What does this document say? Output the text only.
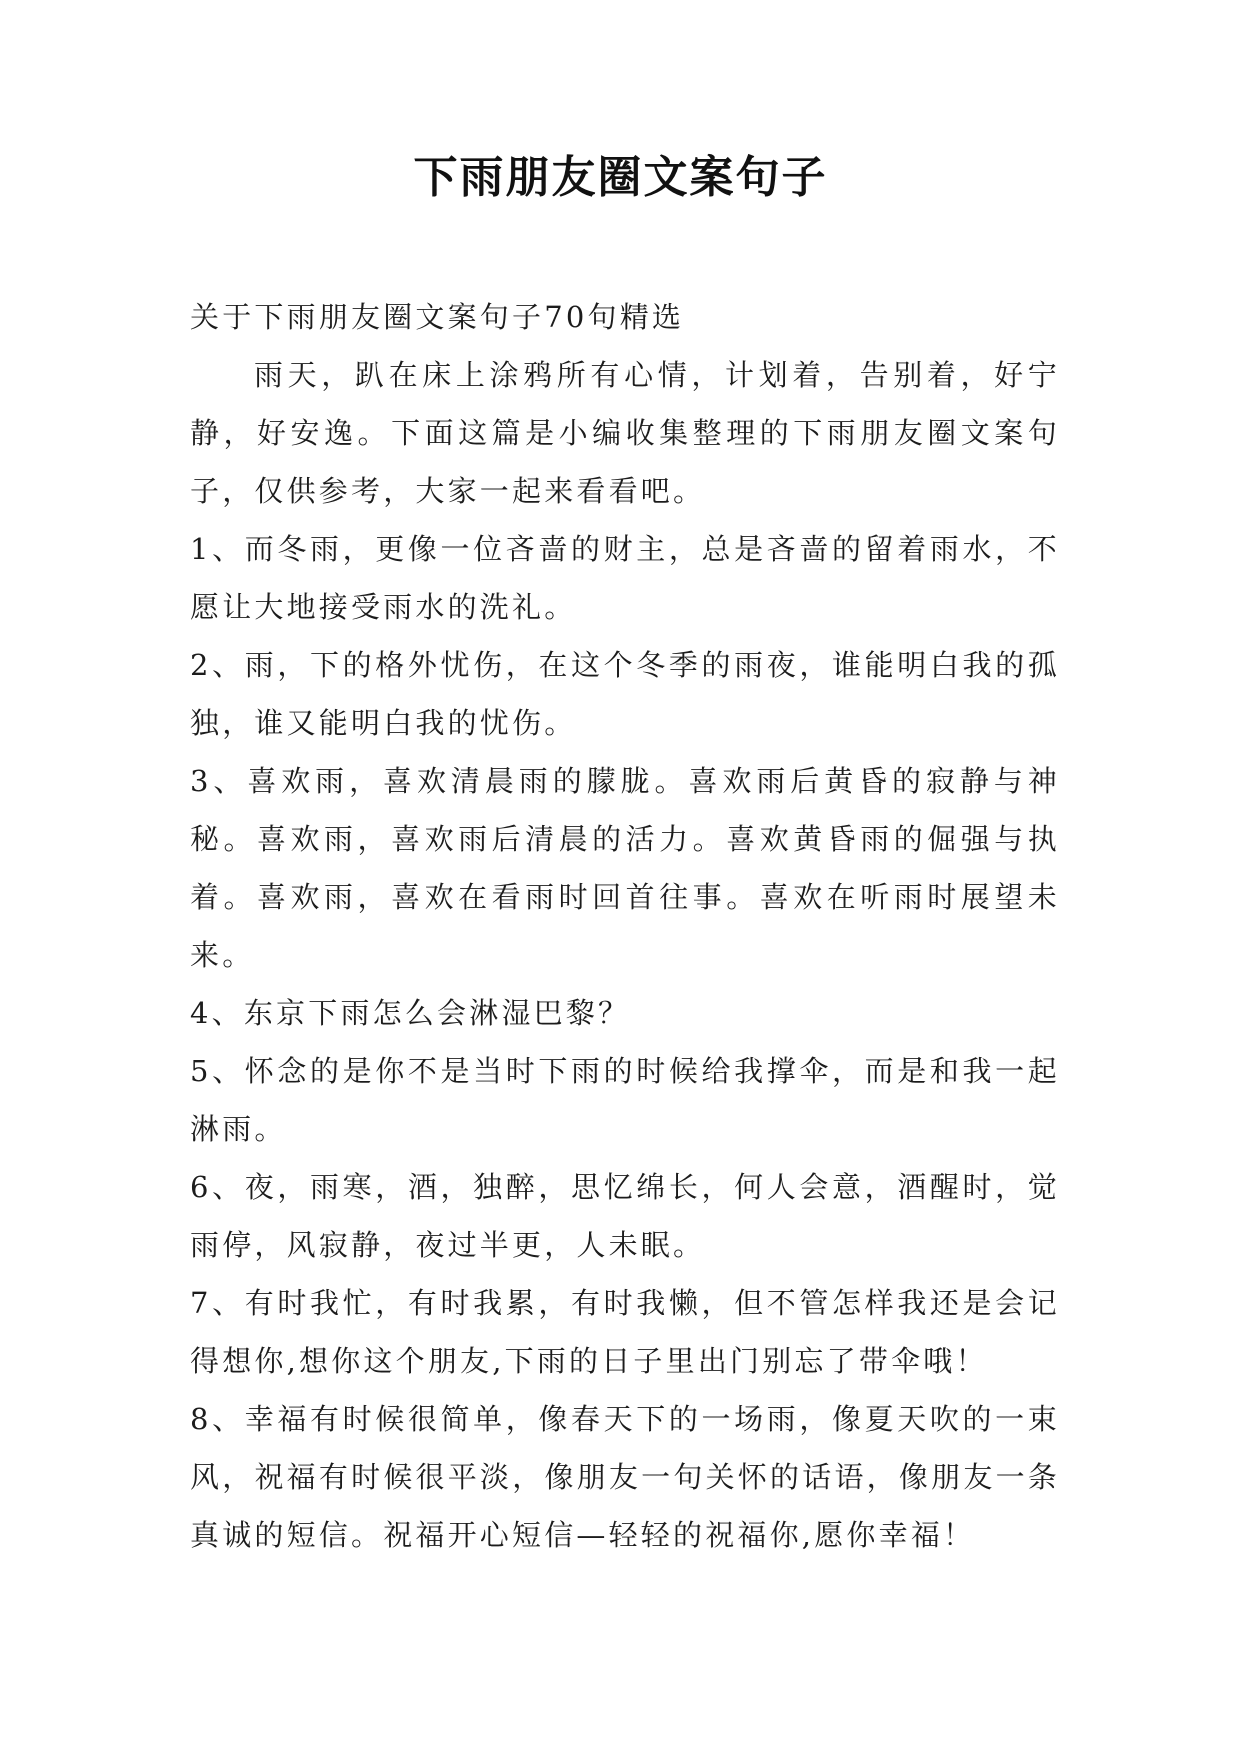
下雨朋友圈文案句子

关于下雨朋友圈文案句子70句精选

雨天，趴在床上涂鸦所有心情，计划着，告别着，好宁静，好安逸。下面这篇是小编收集整理的下雨朋友圈文案句子，仅供参考，大家一起来看看吧。

1、而冬雨，更像一位吝啬的财主，总是吝啬的留着雨水，不愿让大地接受雨水的洗礼。

2、雨，下的格外忧伤，在这个冬季的雨夜，谁能明白我的孤独，谁又能明白我的忧伤。

3、喜欢雨，喜欢清晨雨的朦胧。喜欢雨后黄昏的寂静与神秘。喜欢雨，喜欢雨后清晨的活力。喜欢黄昏雨的倔强与执着。喜欢雨，喜欢在看雨时回首往事。喜欢在听雨时展望未来。

4、东京下雨怎么会淋湿巴黎？

5、怀念的是你不是当时下雨的时候给我撑伞，而是和我一起淋雨。

6、夜，雨寒，酒，独醉，思忆绵长，何人会意，酒醒时，觉雨停，风寂静，夜过半更，人未眠。

7、有时我忙，有时我累，有时我懒，但不管怎样我还是会记得想你,想你这个朋友,下雨的日子里出门别忘了带伞哦！

8、幸福有时候很简单，像春天下的一场雨，像夏天吹的一束风，祝福有时候很平淡，像朋友一句关怀的话语，像朋友一条真诚的短信。祝福开心短信—轻轻的祝福你,愿你幸福！
